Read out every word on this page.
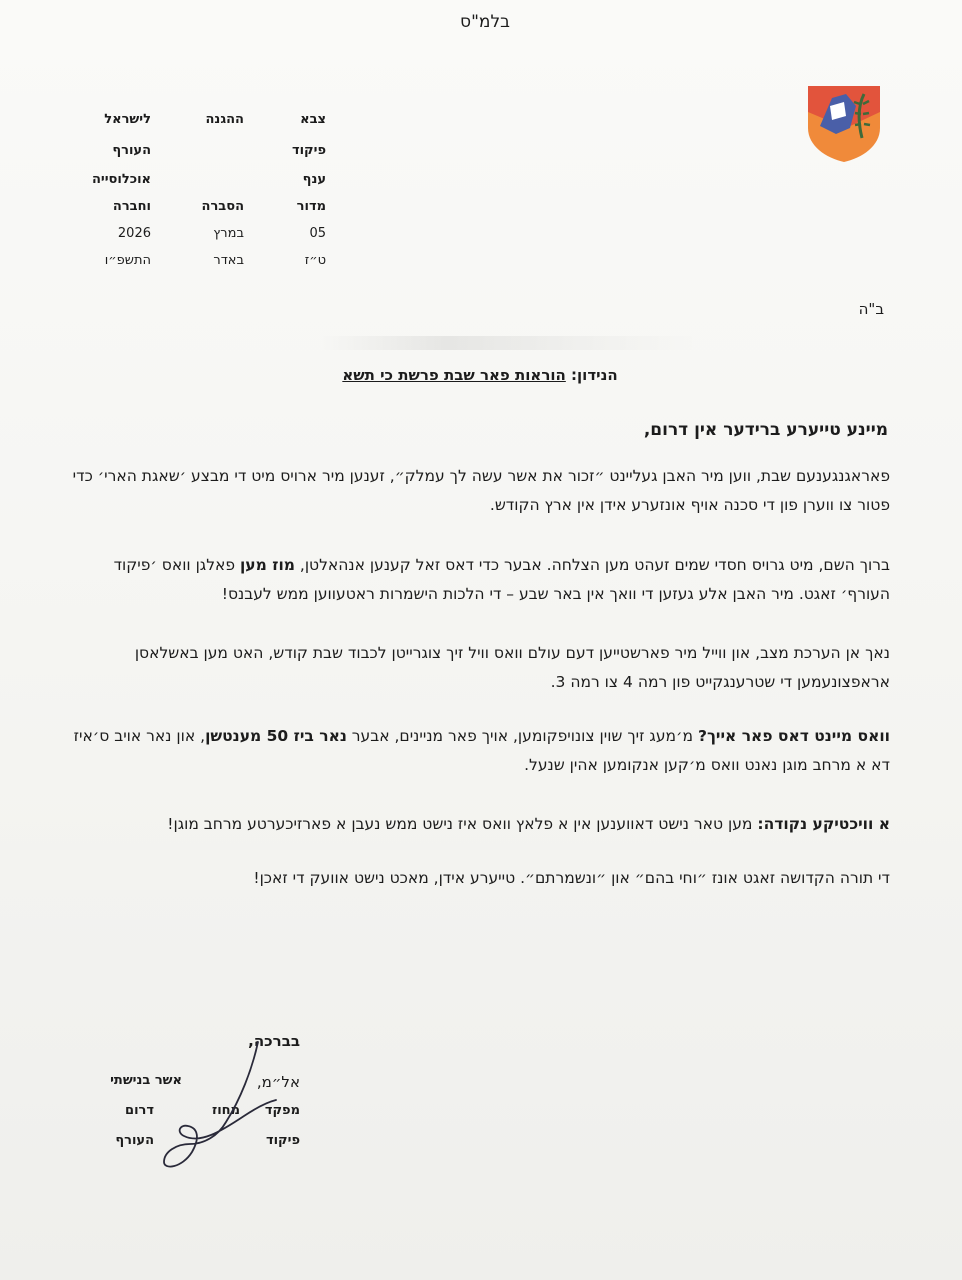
בלמ"ס
צבא
ההגנה
לישראל
פיקוד
העורף
ענף
אוכלוסייה
מדור
הסברה
וחברה
05
במרץ
2026
ט״ז
באדר
התשפ״ו
ב"ה
הנידון: הוראות פאר שבת פרשת כי תשא
מיינע טייערע ברידער אין דרום,
פאראגנגענעם שבת, ווען מיר האבן געליינט ״זכור את אשר עשה לך עמלק״, זענען מיר ארויס מיט די מבצע ׳שאגת הארי׳ כדי פטור צו ווערן פון די סכנה אויף אונזערע אידן אין ארץ הקודש.
ברוך השם, מיט גרויס חסדי שמים זעהט מען הצלחה. אבער כדי דאס זאל קענען אנהאלטן, מוז מען פאלגן וואס ׳פיקוד העורף׳ זאגט. מיר האבן אלע געזען די וואך אין באר שבע – די הלכות הישמרות ראטעווען ממש לעבנס!
נאך אן הערכת מצב, און ווייל מיר פארשטייען דעם עולם וואס וויל זיך צוגרייטן לכבוד שבת קודש, האט מען באשלאסן אראפצונעמען די שטרענגקייט פון רמה 4 צו רמה 3.
וואס מיינט דאס פאר אייך? מ׳מעג זיך שוין צונויפקומען, אויך פאר מניינים, אבער נאר ביז 50 מענטשן, און נאר אויב ס׳איז דא א מרחב מוגן נאנט וואס מ׳קען אנקומען אהין שנעל.
א וויכטיקע נקודה: מען טאר נישט דאווענען אין א פלאץ וואס איז נישט ממש נעבן א פארזיכערטע מרחב מוגן!
די תורה הקדושה זאגט אונז ״וחי בהם״ און ״ונשמרתם״. טייערע אידן, מאכט נישט אוועק די זאכן!
בברכה,
אל״מ,
אשר בנישתי
מפקד
מחוז
דרום
פיקוד
העורף
